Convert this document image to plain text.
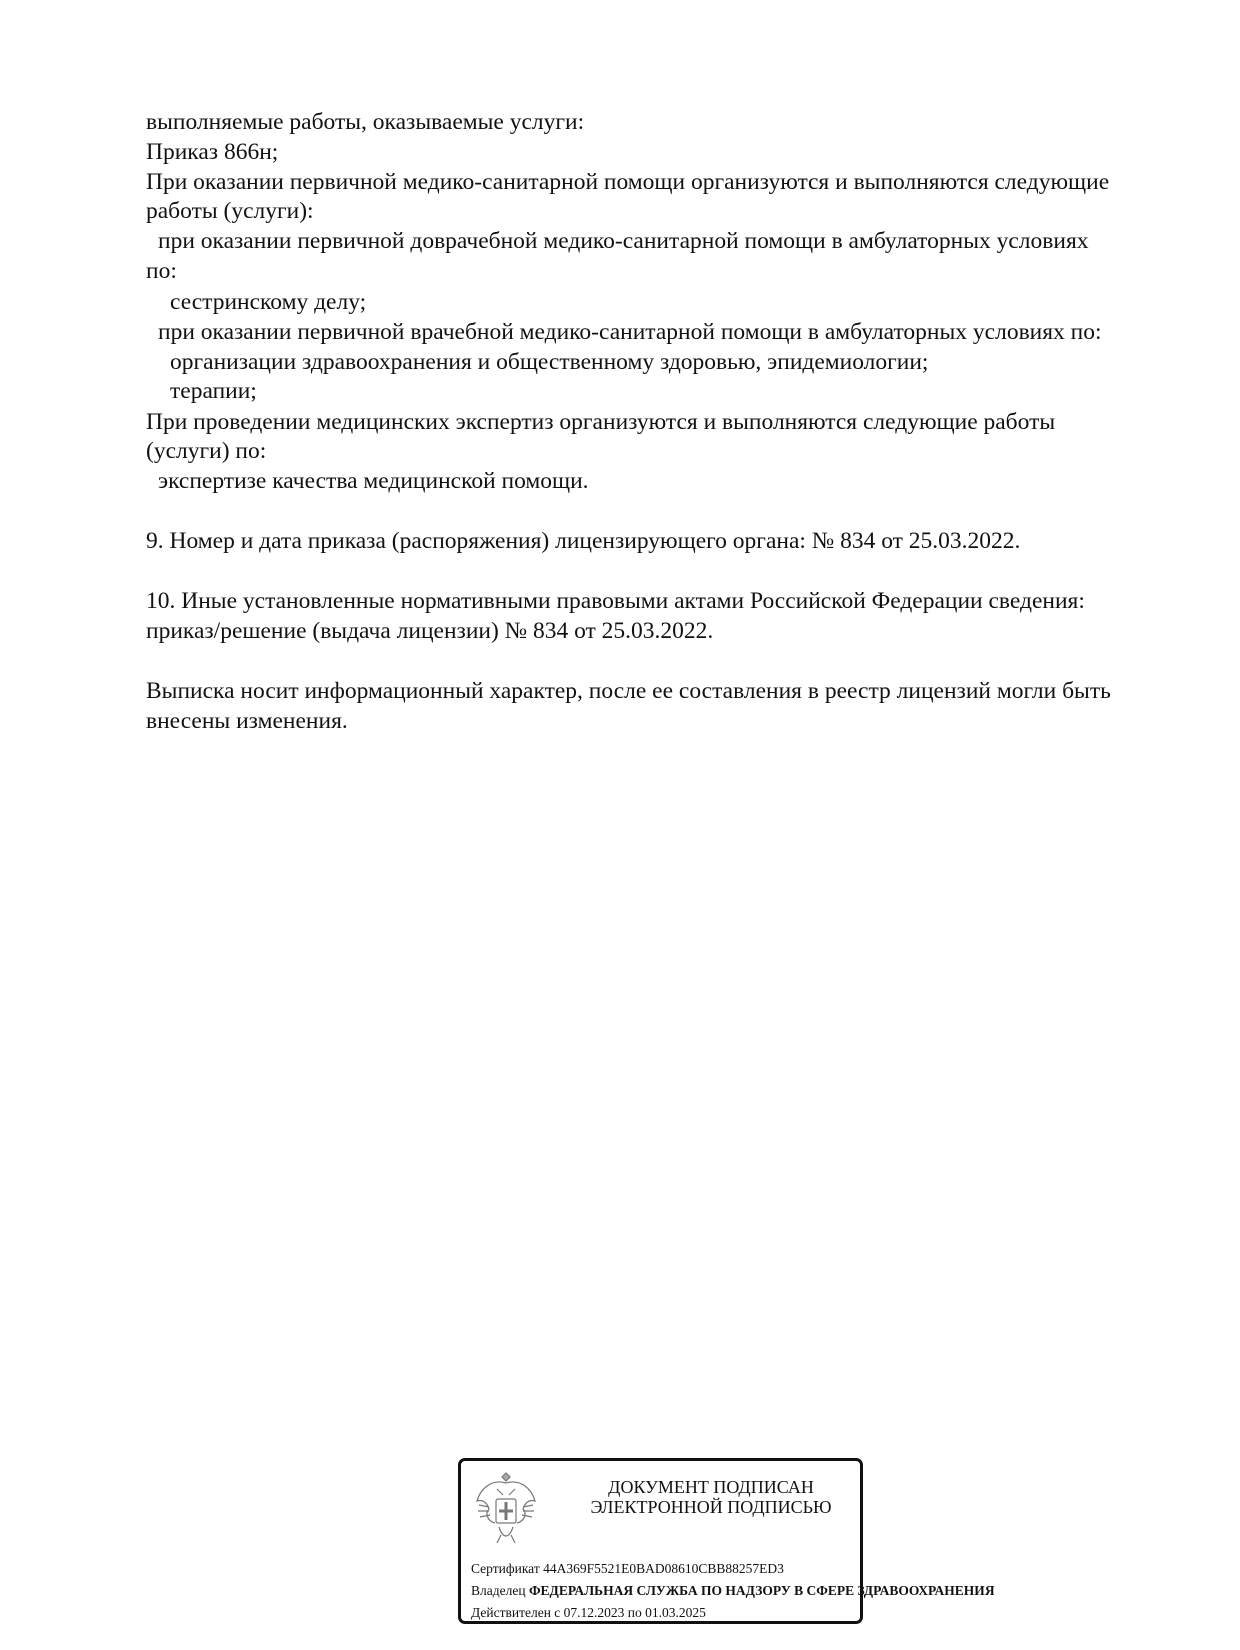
выполняемые работы, оказываемые услуги:
Приказ 866н;
При оказании первичной медико-санитарной помощи организуются и выполняются следующие
работы (услуги):
при оказании первичной доврачебной медико-санитарной помощи в амбулаторных условиях
по:
сестринскому делу;
при оказании первичной врачебной медико-санитарной помощи в амбулаторных условиях по:
организации здравоохранения и общественному здоровью, эпидемиологии;
терапии;
При проведении медицинских экспертиз организуются и выполняются следующие работы
(услуги) по:
экспертизе качества медицинской помощи.
9. Номер и дата приказа (распоряжения) лицензирующего органа: № 834 от 25.03.2022.
10. Иные установленные нормативными правовыми актами Российской Федерации сведения:
приказ/решение (выдача лицензии) № 834 от 25.03.2022.
Выписка носит информационный характер, после ее составления в реестр лицензий могли быть
внесены изменения.
ДОКУМЕНТ ПОДПИСАН
ЭЛЕКТРОННОЙ ПОДПИСЬЮ
Сертификат 44A369F5521E0BAD08610CBB88257ED3
Владелец ФЕДЕРАЛЬНАЯ СЛУЖБА ПО НАДЗОРУ В СФЕРЕ ЗДРАВООХРАНЕНИЯ
Действителен с 07.12.2023 по 01.03.2025
